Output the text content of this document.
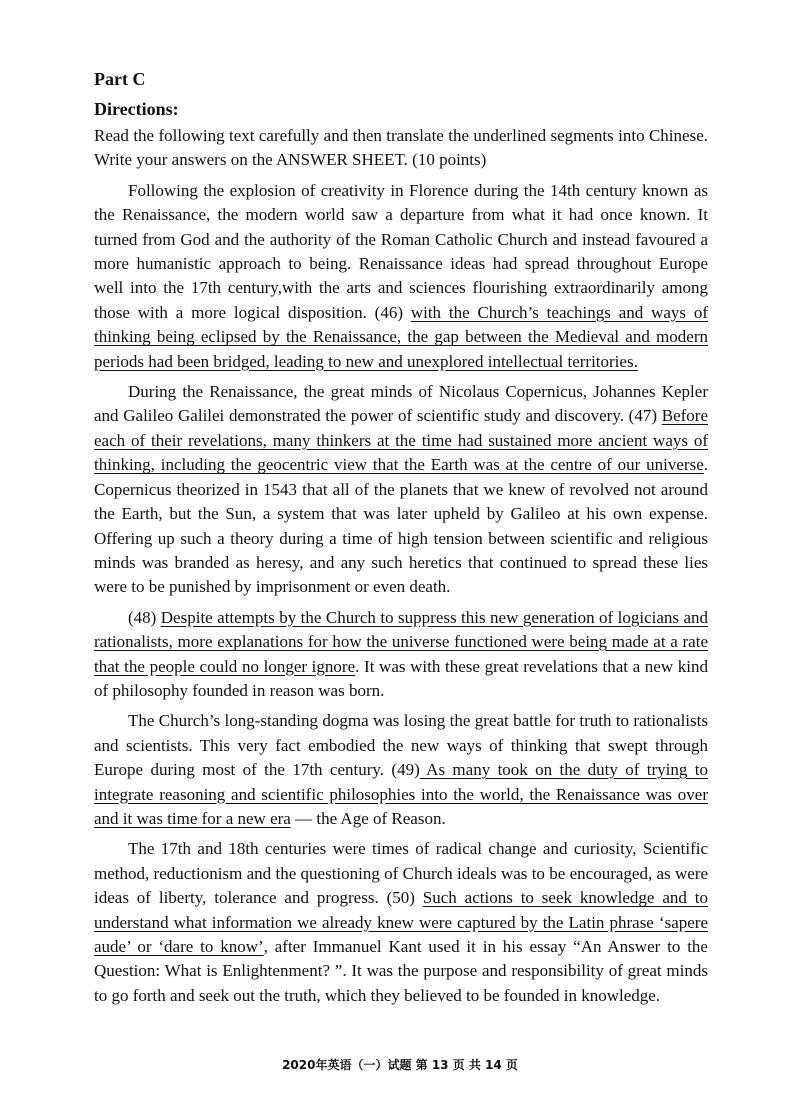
Part C
Directions:

Read the following text carefully and then translate the underlined segments into Chinese. Write your answers on the ANSWER SHEET. (10 points)

Following the explosion of creativity in Florence during the 14th century known as the Renaissance, the modern world saw a departure from what it had once known. It turned from God and the authority of the Roman Catholic Church and instead favoured a more humanistic approach to being. Renaissance ideas had spread throughout Europe well into the 17th century,with the arts and sciences flourishing extraordinarily among those with a more logical disposition. (46) with the Church’s teachings and ways of thinking being eclipsed by the Renaissance, the gap between the Medieval and modern periods had been bridged, leading to new and unexplored intellectual territories.

During the Renaissance, the great minds of Nicolaus Copernicus, Johannes Kepler and Galileo Galilei demonstrated the power of scientific study and discovery. (47) Before each of their revelations, many thinkers at the time had sustained more ancient ways of thinking, including the geocentric view that the Earth was at the centre of our universe. Copernicus theorized in 1543 that all of the planets that we knew of revolved not around the Earth, but the Sun, a system that was later upheld by Galileo at his own expense. Offering up such a theory during a time of high tension between scientific and religious minds was branded as heresy, and any such heretics that continued to spread these lies were to be punished by imprisonment or even death.

(48) Despite attempts by the Church to suppress this new generation of logicians and rationalists, more explanations for how the universe functioned were being made at a rate that the people could no longer ignore. It was with these great revelations that a new kind of philosophy founded in reason was born.

The Church’s long-standing dogma was losing the great battle for truth to rationalists and scientists. This very fact embodied the new ways of thinking that swept through Europe during most of the 17th century. (49) As many took on the duty of trying to integrate reasoning and scientific philosophies into the world, the Renaissance was over and it was time for a new era — the Age of Reason.

The 17th and 18th centuries were times of radical change and curiosity, Scientific method, reductionism and the questioning of Church ideals was to be encouraged, as were ideas of liberty, tolerance and progress. (50) Such actions to seek knowledge and to understand what information we already knew were captured by the Latin phrase ‘sapere aude’ or ‘dare to know’, after Immanuel Kant used it in his essay “An Answer to the Question: What is Enlightenment? ”. It was the purpose and responsibility of great minds to go forth and seek out the truth, which they believed to be founded in knowledge.

2020年英语（一）试题 第 13 页 共 14 页
